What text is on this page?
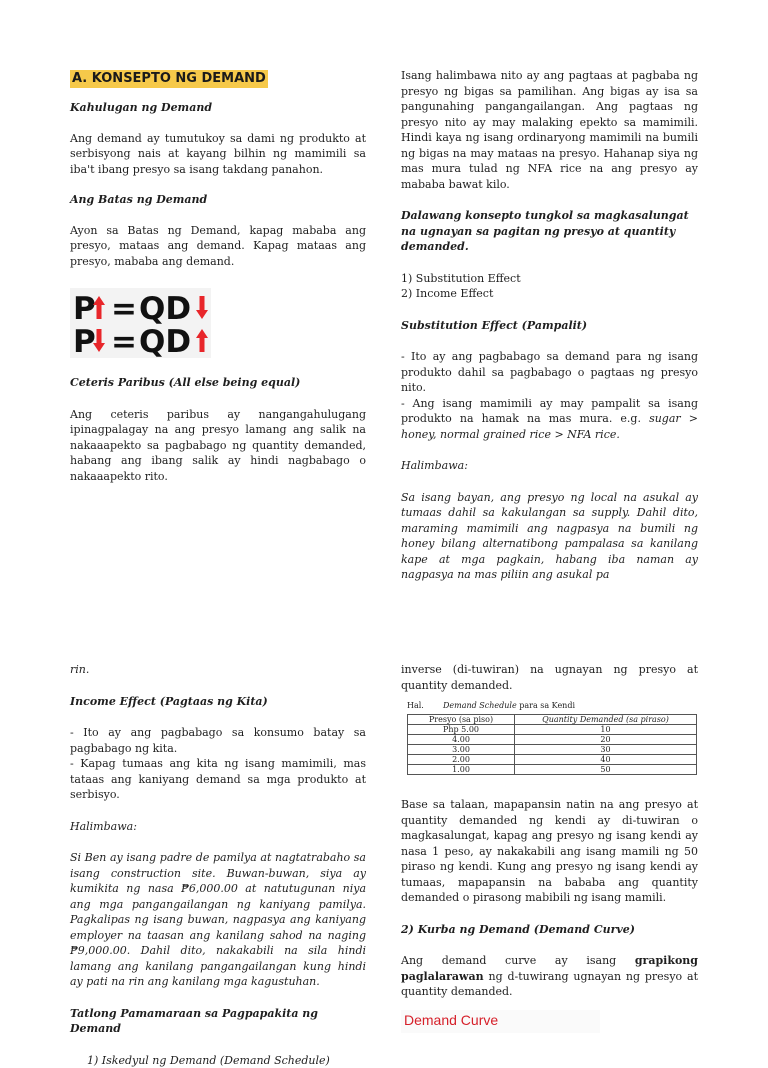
A. KONSEPTO NG DEMAND

Kahulugan ng Demand

Ang demand ay tumutukoy sa dami ng produkto at serbisyong nais at kayang bilhin ng mamimili sa iba't ibang presyo sa isang takdang panahon.

Ang Batas ng Demand

Ayon sa Batas ng Demand, kapag mababa ang presyo, mataas ang demand. Kapag mataas ang presyo, mababa ang demand.

P = QD
P = QD

Ceteris Paribus (All else being equal)

Ang ceteris paribus ay nangangahulugang ipinagpalagay na ang presyo lamang ang salik na nakaaapekto sa pagbabago ng quantity demanded, habang ang ibang salik ay hindi nagbabago o nakaaapekto rito.

Isang halimbawa nito ay ang pagtaas at pagbaba ng presyo ng bigas sa pamilihan. Ang bigas ay isa sa pangunahing pangangailangan. Ang pagtaas ng presyo nito ay may malaking epekto sa mamimili. Hindi kaya ng isang ordinaryong mamimili na bumili ng bigas na may mataas na presyo. Hahanap siya ng mas mura tulad ng NFA rice na ang presyo ay mababa bawat kilo.

Dalawang konsepto tungkol sa magkasalungat na ugnayan sa pagitan ng presyo at quantity demanded.

1) Substitution Effect

2) Income Effect

Substitution Effect (Pampalit)

- Ito ay ang pagbabago sa demand para ng isang produkto dahil sa pagbabago o pagtaas ng presyo nito.

- Ang isang mamimili ay may pampalit sa isang produkto na hamak na mas mura. e.g. sugar > honey, normal grained rice > NFA rice.

Halimbawa:

Sa isang bayan, ang presyo ng local na asukal ay tumaas dahil sa kakulangan sa supply. Dahil dito, maraming mamimili ang nagpasya na bumili ng honey bilang alternatibong pampalasa sa kanilang kape at mga pagkain, habang iba naman ay nagpasya na mas piliin ang asukal pa

rin.

Income Effect (Pagtaas ng Kita)

- Ito ay ang pagbabago sa konsumo batay sa pagbabago ng kita.

- Kapag tumaas ang kita ng isang mamimili, mas tataas ang kaniyang demand sa mga produkto at serbisyo.

Halimbawa:

Si Ben ay isang padre de pamilya at nagtatrabaho sa isang construction site. Buwan-buwan, siya ay kumikita ng nasa ₱6,000.00 at natutugunan niya ang mga pangangailangan ng kaniyang pamilya. Pagkalipas ng isang buwan, nagpasya ang kaniyang employer na taasan ang kanilang sahod na naging ₱9,000.00. Dahil dito, nakakabili na sila hindi lamang ang kanilang pangangailangan kung hindi ay pati na rin ang kanilang mga kagustuhan.

Tatlong Pamamaraan sa Pagpapakita ng Demand

1) Iskedyul ng Demand (Demand Schedule)

inverse (di-tuwiran) na ugnayan ng presyo at quantity demanded.

Hal. Demand Schedule para sa Kendi
Presyo (sa piso)	Quantity Demanded (sa piraso)
Php 5.00	10
4.00	20
3.00	30
2.00	40
1.00	50

Base sa talaan, mapapansin natin na ang presyo at quantity demanded ng kendi ay di-tuwiran o magkasalungat, kapag ang presyo ng isang kendi ay nasa 1 peso, ay nakakabili ang isang mamili ng 50 piraso ng kendi. Kung ang presyo ng isang kendi ay tumaas, mapapansin na bababa ang quantity demanded o pirasong mabibili ng isang mamili.

2) Kurba ng Demand (Demand Curve)

Ang demand curve ay isang grapikong paglalarawan ng d-tuwirang ugnayan ng presyo at quantity demanded.

Demand Curve
